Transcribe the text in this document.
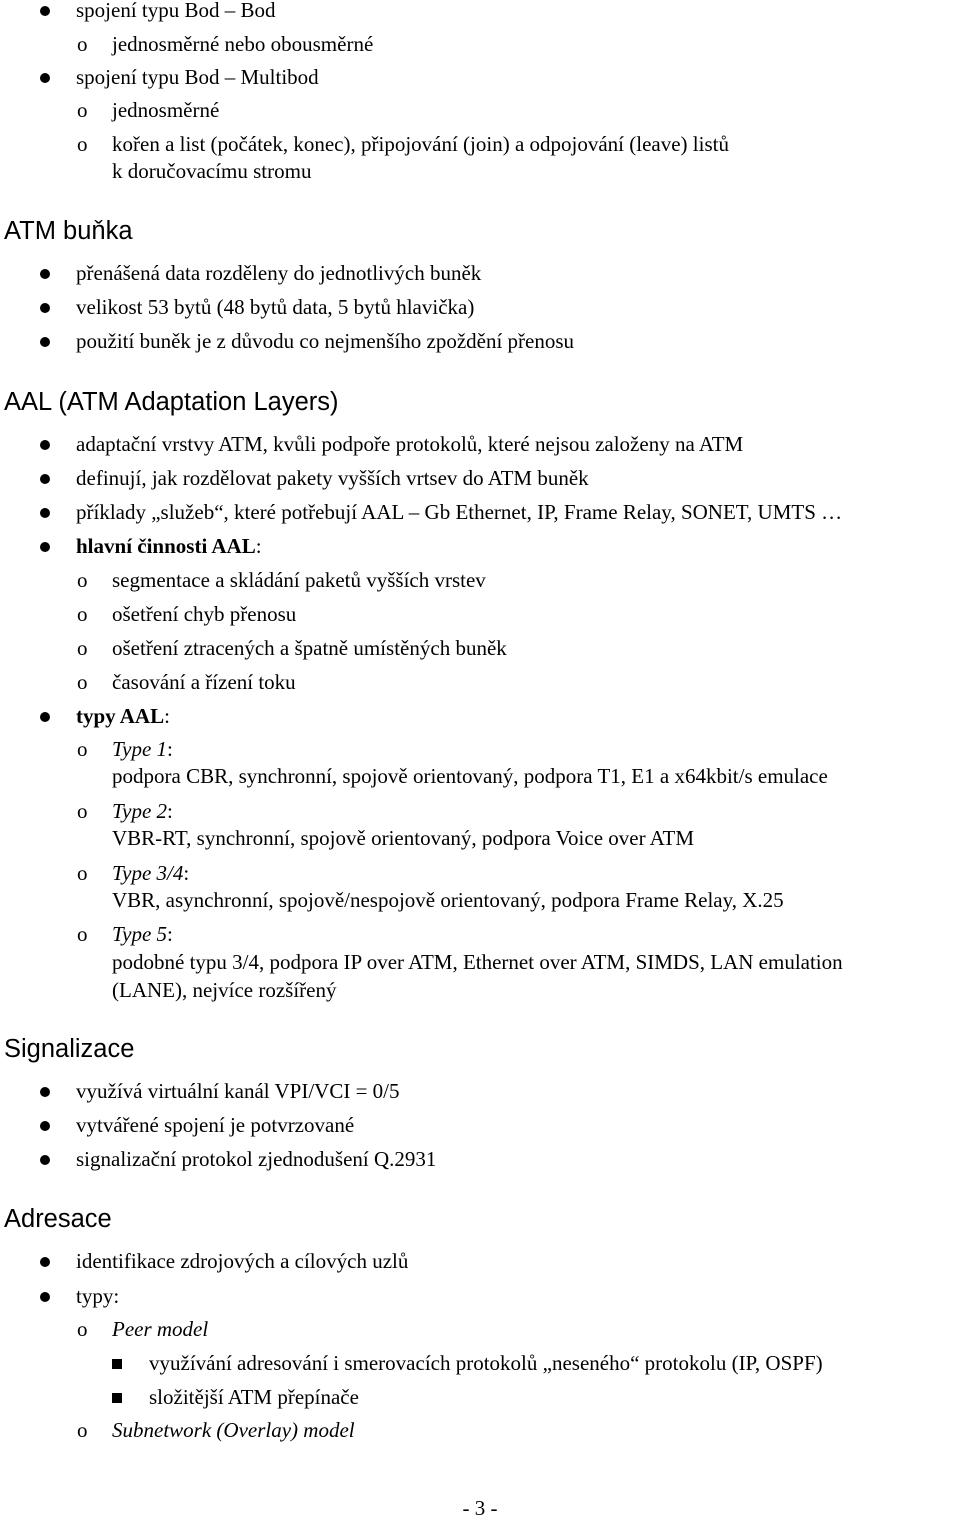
spojení typu Bod – Bod
o jednosměrné nebo obousměrné
spojení typu Bod – Multibod
o jednosměrné
o kořen a list (počátek, konec), připojování (join) a odpojování (leave) listů
k doručovacímu stromu
ATM buňka
přenášená data rozděleny do jednotlivých buněk
velikost 53 bytů (48 bytů data, 5 bytů hlavička)
použití buněk je z důvodu co nejmenšího zpoždění přenosu
AAL (ATM Adaptation Layers)
adaptační vrstvy ATM, kvůli podpoře protokolů, které nejsou založeny na ATM
definují, jak rozdělovat pakety vyšších vrtsev do ATM buněk
příklady „služeb“, které potřebují AAL – Gb Ethernet, IP, Frame Relay, SONET, UMTS …
hlavní činnosti AAL:
o segmentace a skládání paketů vyšších vrstev
o ošetření chyb přenosu
o ošetření ztracených a špatně umístěných buněk
o časování a řízení toku
typy AAL:
o Type 1:
podpora CBR, synchronní, spojově orientovaný, podpora T1, E1 a x64kbit/s emulace
o Type 2:
VBR-RT, synchronní, spojově orientovaný, podpora Voice over ATM
o Type 3/4:
VBR, asynchronní, spojově/nespojově orientovaný, podpora Frame Relay, X.25
o Type 5:
podobné typu 3/4, podpora IP over ATM, Ethernet over ATM, SIMDS, LAN emulation
(LANE), nejvíce rozšířený
Signalizace
využívá virtuální kanál VPI/VCI = 0/5
vytvářené spojení je potvrzované
signalizační protokol zjednodušení Q.2931
Adresace
identifikace zdrojových a cílových uzlů
typy:
o Peer model
využívání adresování i smerovacích protokolů „neseného“ protokolu (IP, OSPF)
složitější ATM přepínače
o Subnetwork (Overlay) model
- 3 -
